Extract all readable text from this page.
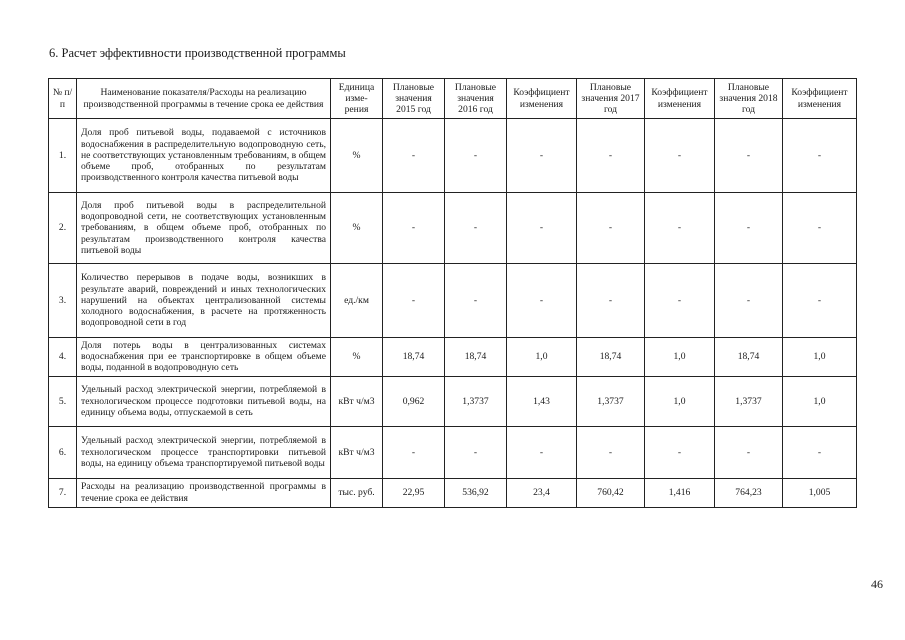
6. Расчет эффективности производственной программы
№ п/п	Наименование показателя/Расходы на реализацию производственной программы в течение срока ее действия	Единица изме-рения	Плановые значения 2015 год	Плановые значения 2016 год	Коэффициент изменения	Плановые значения 2017 год	Коэффициент изменения	Плановые значения 2018 год	Коэффициент изменения
1.	Доля проб питьевой воды, подаваемой с источников водоснабжения в распределительную водопроводную сеть, не соответствующих установленным требованиям, в общем объеме проб, отобранных по результатам производственного контроля качества питьевой воды	%	-	-	-	-	-	-	-
2.	Доля проб питьевой воды в распределительной водопроводной сети, не соответствующих установленным требованиям, в общем объеме проб, отобранных по результатам производственного контроля качества питьевой воды	%	-	-	-	-	-	-	-
3.	Количество перерывов в подаче воды, возникших в результате аварий, повреждений и иных технологических нарушений на объектах централизованной системы холодного водоснабжения, в расчете на протяженность водопроводной сети в год	ед./км	-	-	-	-	-	-	-
4.	Доля потерь воды в централизованных системах водоснабжения при ее транспортировке в общем объеме воды, поданной в водопроводную сеть	%	18,74	18,74	1,0	18,74	1,0	18,74	1,0
5.	Удельный расход электрической энергии, потребляемой в технологическом процессе подготовки питьевой воды, на единицу объема воды, отпускаемой в сеть	кВт ч/м3	0,962	1,3737	1,43	1,3737	1,0	1,3737	1,0
6.	Удельный расход электрической энергии, потребляемой в технологическом процессе транспортировки питьевой воды, на единицу объема транспортируемой питьевой воды	кВт ч/м3	-	-	-	-	-	-	-
7.	Расходы на реализацию производственной программы в течение срока ее действия	тыс. руб.	22,95	536,92	23,4	760,42	1,416	764,23	1,005
46
